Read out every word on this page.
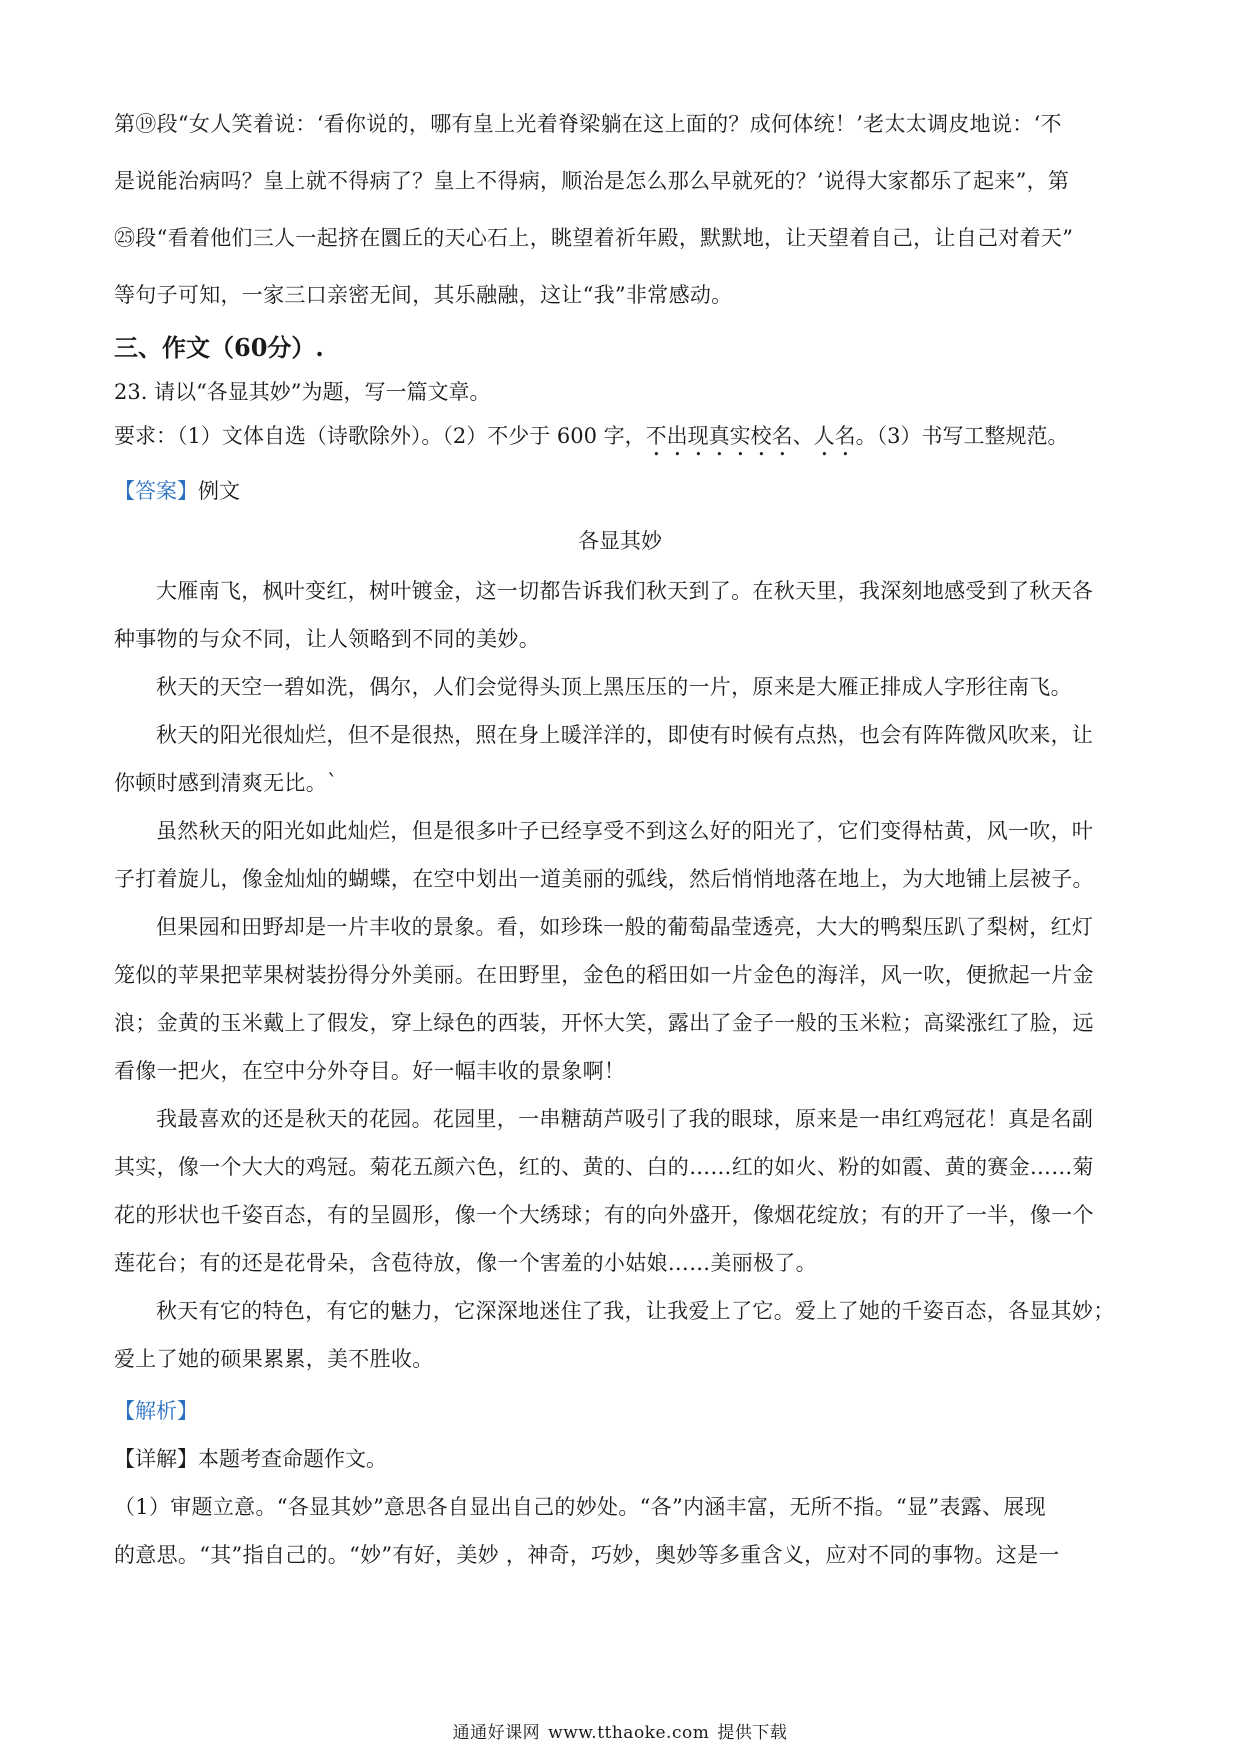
第⑲段“女人笑着说：‘看你说的，哪有皇上光着脊梁躺在这上面的？成何体统！’老太太调皮地说：‘不
是说能治病吗？皇上就不得病了？皇上不得病，顺治是怎么那么早就死的？’说得大家都乐了起来”，第
㉕段“看着他们三人一起挤在圜丘的天心石上，眺望着祈年殿，默默地，让天望着自己，让自己对着天”
等句子可知，一家三口亲密无间，其乐融融，这让“我”非常感动。
三、作文（60分）.
23. 请以“各显其妙”为题，写一篇文章。
要求：（1）文体自选（诗歌除外）。（2）不少于 600 字，不出现真实校名、人名。（3）书写工整规范。
【答案】例文
各显其妙

大雁南飞，枫叶变红，树叶镀金，这一切都告诉我们秋天到了。在秋天里，我深刻地感受到了秋天各
种事物的与众不同，让人领略到不同的美妙。

秋天的天空一碧如洗，偶尔，人们会觉得头顶上黑压压的一片，原来是大雁正排成人字形往南飞。

秋天的阳光很灿烂，但不是很热，照在身上暖洋洋的，即使有时候有点热，也会有阵阵微风吹来，让
你顿时感到清爽无比。`

虽然秋天的阳光如此灿烂，但是很多叶子已经享受不到这么好的阳光了，它们变得枯黄，风一吹，叶
子打着旋儿，像金灿灿的蝴蝶，在空中划出一道美丽的弧线，然后悄悄地落在地上，为大地铺上层被子。

但果园和田野却是一片丰收的景象。看，如珍珠一般的葡萄晶莹透亮，大大的鸭梨压趴了梨树，红灯
笼似的苹果把苹果树装扮得分外美丽。在田野里，金色的稻田如一片金色的海洋，风一吹，便掀起一片金
浪；金黄的玉米戴上了假发，穿上绿色的西装，开怀大笑，露出了金子一般的玉米粒；高粱涨红了脸，远
看像一把火，在空中分外夺目。好一幅丰收的景象啊！

我最喜欢的还是秋天的花园。花园里，一串糖葫芦吸引了我的眼球，原来是一串红鸡冠花！真是名副
其实，像一个大大的鸡冠。菊花五颜六色，红的、黄的、白的……红的如火、粉的如霞、黄的赛金……菊
花的形状也千姿百态，有的呈圆形，像一个大绣球；有的向外盛开，像烟花绽放；有的开了一半，像一个
莲花台；有的还是花骨朵，含苞待放，像一个害羞的小姑娘……美丽极了。

秋天有它的特色，有它的魅力，它深深地迷住了我，让我爱上了它。爱上了她的千姿百态，各显其妙；
爱上了她的硕果累累，美不胜收。

【解析】
【详解】本题考查命题作文。
（1）审题立意。“各显其妙”意思各自显出自己的妙处。“各”内涵丰富，无所不指。“显”表露、展现
的意思。“其”指自己的。“妙”有好，美妙 ，神奇，巧妙，奥妙等多重含义，应对不同的事物。这是一
通通好课网 www.tthaoke.com 提供下载
